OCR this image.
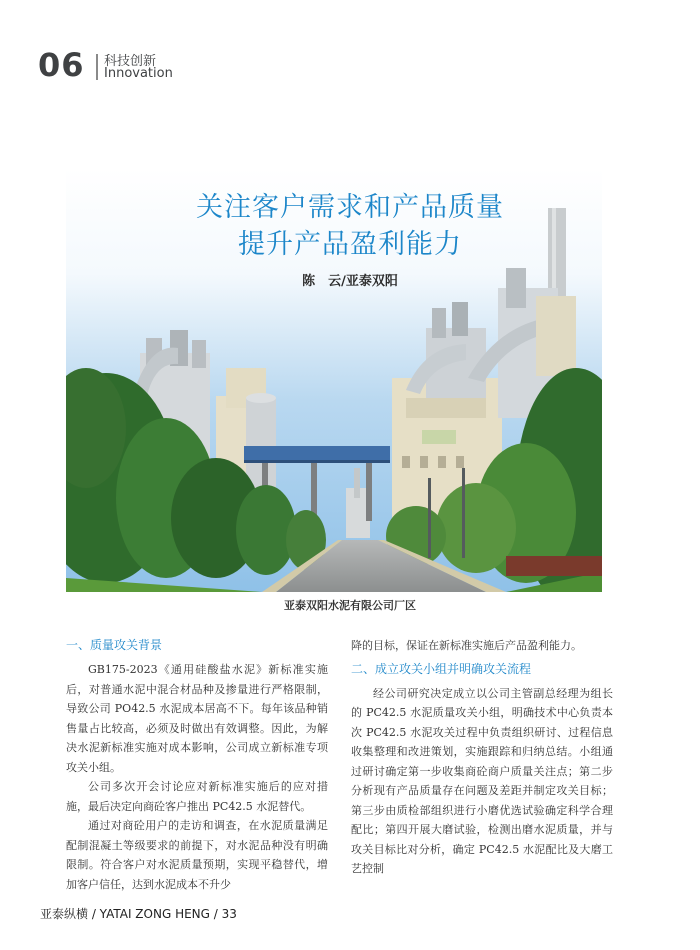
06 科技创新
Innovation
关注客户需求和产品质量
提升产品盈利能力
陈　云/亚泰双阳
亚泰双阳水泥有限公司厂区
一、质量攻关背景
GB175-2023《通用硅酸盐水泥》新标准实施后，对普通水泥中混合材品种及掺量进行严格限制，导致公司 PO42.5 水泥成本居高不下。每年该品种销售量占比较高，必须及时做出有效调整。因此，为解决水泥新标准实施对成本影响，公司成立新标准专项攻关小组。
公司多次开会讨论应对新标准实施后的应对措施，最后决定向商砼客户推出 PC42.5 水泥替代。
通过对商砼用户的走访和调查，在水泥质量满足配制混凝土等级要求的前提下，对水泥品种没有明确限制。符合客户对水泥质量预期，实现平稳替代，增加客户信任，达到水泥成本不升少
降的目标，保证在新标准实施后产品盈利能力。
二、成立攻关小组并明确攻关流程
经公司研究决定成立以公司主管副总经理为组长的 PC42.5 水泥质量攻关小组，明确技术中心负责本次 PC42.5 水泥攻关过程中负责组织研讨、过程信息收集整理和改进策划，实施跟踪和归纳总结。小组通过研讨确定第一步收集商砼商户质量关注点；第二步分析现有产品质量存在问题及差距并制定攻关目标；第三步由质检部组织进行小磨优选试验确定科学合理配比；第四开展大磨试验，检测出磨水泥质量，并与攻关目标比对分析，确定 PC42.5 水泥配比及大磨工艺控制
亚泰纵横 / YATAI ZONG HENG / 33
